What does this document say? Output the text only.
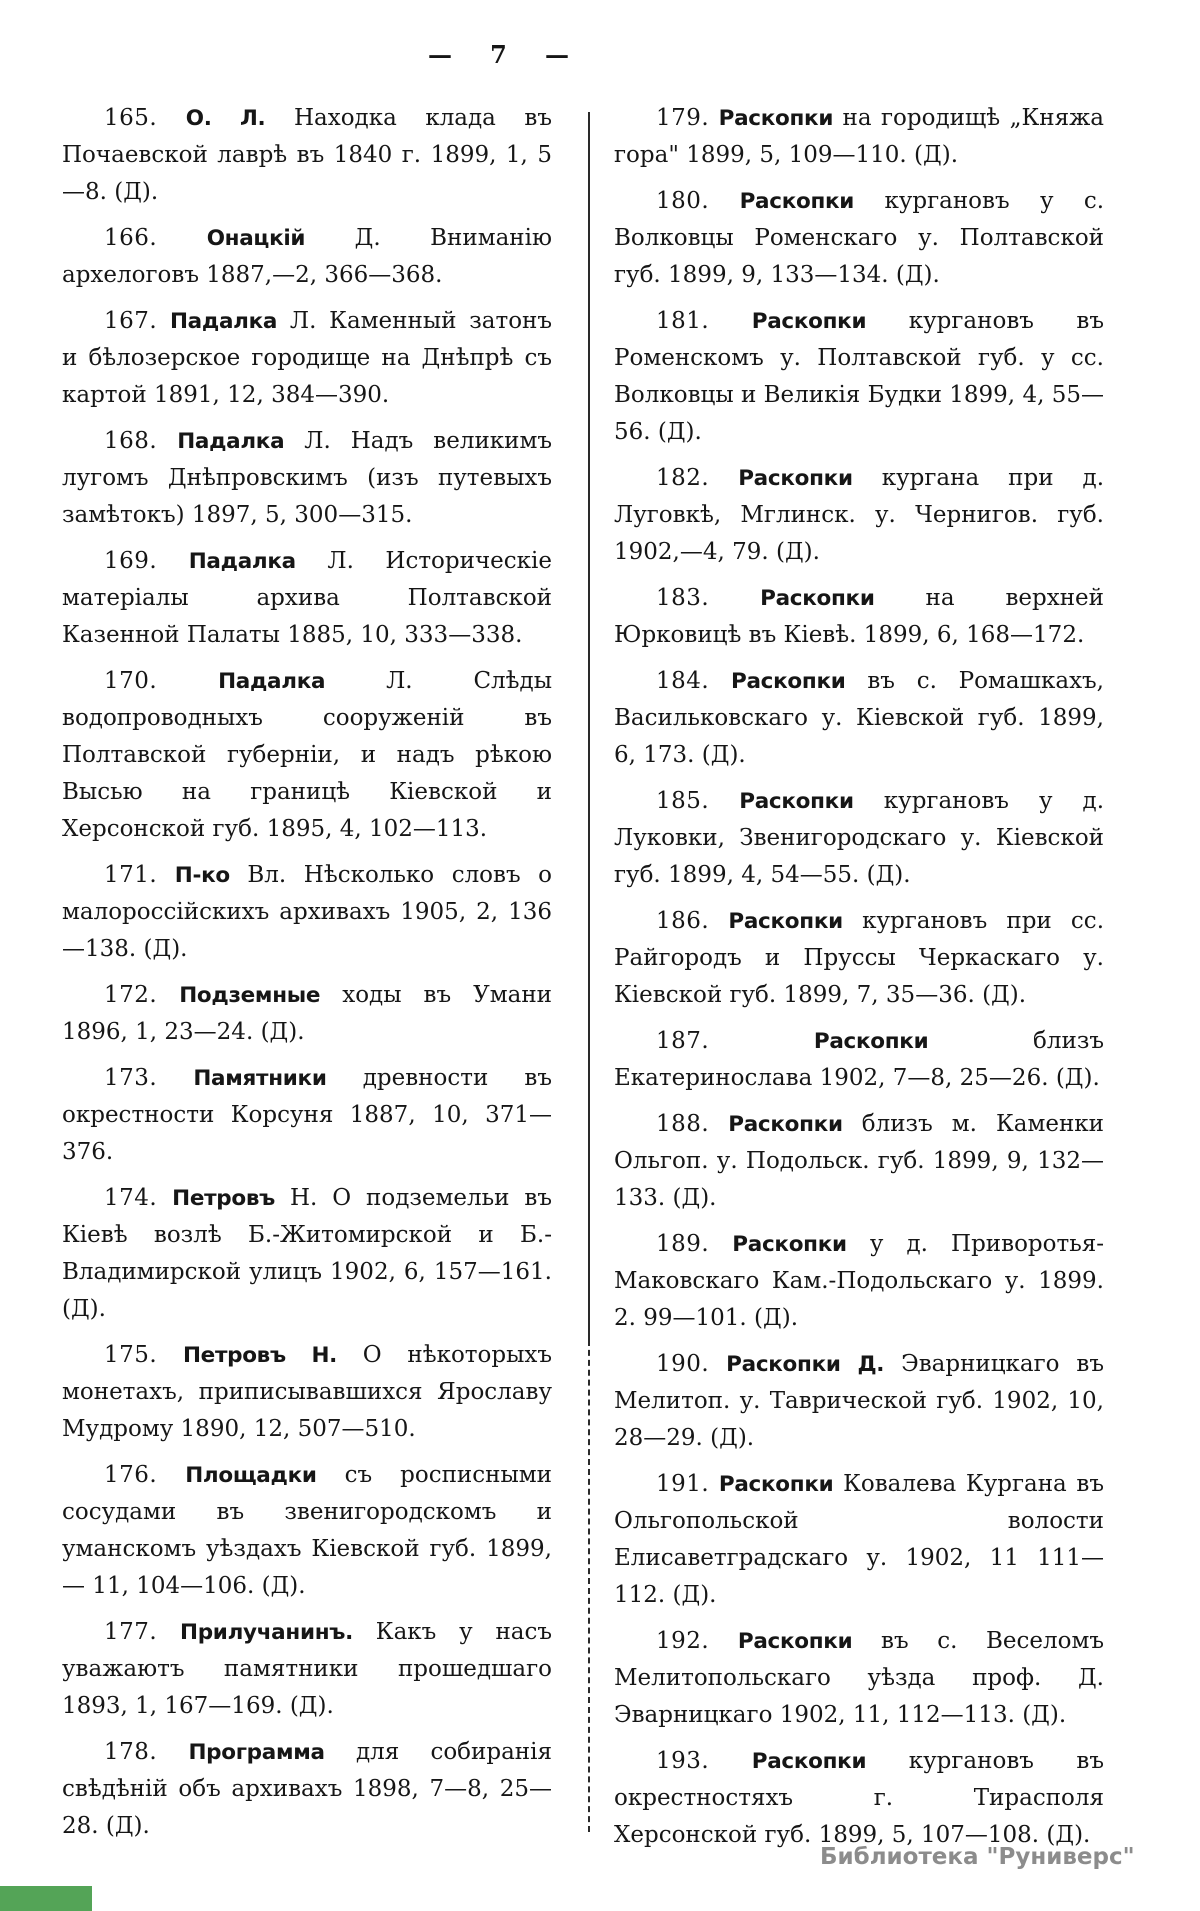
— 7 —

165. О. Л. Находка клада въ Почаевской лаврѣ въ 1840 г. 1899, 1, 5—8. (Д).

166. Онацкій Д. Вниманію архелоговъ 1887,—2, 366—368.

167. Падалка Л. Каменный затонъ и бѣлозерское городище на Днѣпрѣ съ картой 1891, 12, 384—390.

168. Падалка Л. Надъ великимъ лугомъ Днѣпровскимъ (изъ путевыхъ замѣтокъ) 1897, 5, 300—315.

169. Падалка Л. Историческіе матеріалы архива Полтавской Казенной Палаты 1885, 10, 333—338.

170.	Падалка	Л. Слѣды водопроводныхъ сооруженій въ Полтавской губерніи, и надъ рѣкою Высью на границѣ Кіевской и Херсонской губ. 1895, 4, 102—113.

171. П-ко Вл. Нѣсколько словъ о малороссійскихъ архивахъ 1905, 2, 136—138. (Д).

172. Подземные ходы въ Умани 1896, 1, 23—24. (Д).

173. Памятники древности въ окрестности Корсуня 1887, 10, 371—376.

174. Петровъ Н. О подземельи въ Кіевѣ возлѣ Б.-Житомирской и Б.-Владимирской улицъ 1902, 6, 157—161. (Д).

175. Петровъ Н. О нѣкоторыхъ монетахъ, приписывавшихся Ярославу Мудрому 1890, 12, 507—510.

176. Площадки съ росписными сосудами въ звенигородскомъ и уманскомъ уѣздахъ Кіевской губ. 1899,— 11, 104—106. (Д).

177. Прилучанинъ. Какъ у насъ уважаютъ памятники прошедшаго 1893, 1, 167—169. (Д).

178. Программа для собиранія свѣдѣній объ архивахъ 1898, 7—8, 25—28. (Д).

179. Раскопки на городищѣ „Княжа гора" 1899, 5, 109—110. (Д).

180. Раскопки кургановъ у с. Волковцы Роменскаго у. Полтавской губ. 1899, 9, 133—134. (Д).

181. Раскопки кургановъ въ Роменскомъ у. Полтавской губ. у сс. Волковцы и Великія Будки 1899, 4, 55—56. (Д).

182. Раскопки кургана при д. Луговкѣ, Мглинск. у. Чернигов. губ. 1902,—4, 79. (Д).

183. Раскопки на верхней Юрковицѣ въ Кіевѣ. 1899, 6, 168—172.

184. Раскопки въ с. Ромашкахъ, Васильковскаго у. Кіевской губ. 1899, 6, 173. (Д).

185. Раскопки кургановъ у д. Луковки, Звенигородскаго у. Кіевской губ. 1899, 4, 54—55. (Д).

186. Раскопки кургановъ при сс. Райгородъ и Пруссы Черкаскаго у. Кіевской губ. 1899, 7, 35—36. (Д).

187.	Раскопки	близъ Екатеринослава 1902, 7—8, 25—26. (Д).

188. Раскопки близъ м. Каменки Ольгоп. у. Подольск. губ. 1899, 9, 132—133. (Д).

189. Раскопки у д. Приворотья-Маковскаго Кам.-Подольскаго у. 1899. 2. 99—101. (Д).

190. Раскопки Д. Эварницкаго въ Мелитоп. у. Таврической губ. 1902, 10, 28—29. (Д).

191. Раскопки Ковалева Кургана въ Ольгопольской волости Елисаветградскаго у. 1902, 11 111—112. (Д).

192. Раскопки въ с. Веселомъ Мелитопольскаго уѣзда проф. Д. Эварницкаго 1902, 11, 112—113. (Д).

193. Раскопки кургановъ въ окрестностяхъ г. Тирасполя Херсонской губ. 1899, 5, 107—108. (Д).

Библиотека "Руниверс"
